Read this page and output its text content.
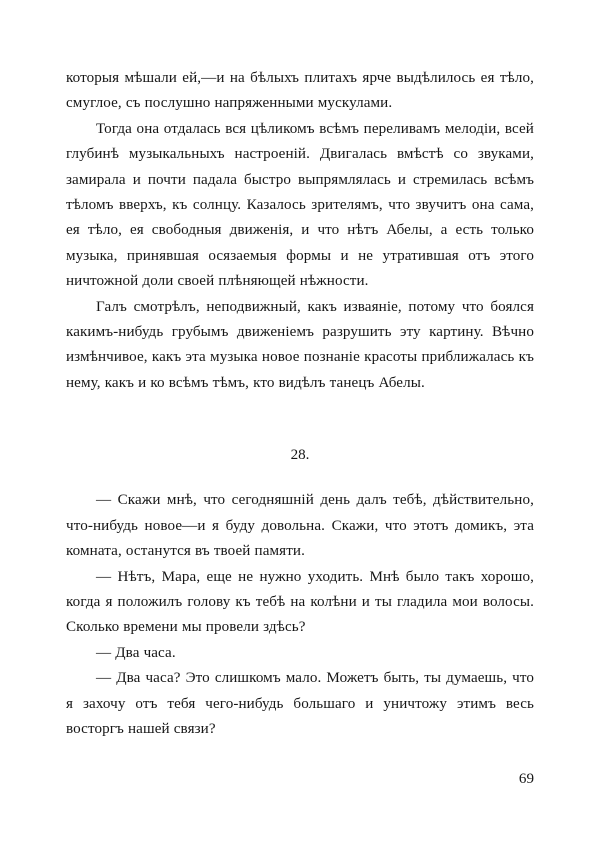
которыя мѣшали ей,—и на бѣлыхъ плитахъ ярче выдѣлилось ея тѣло, смуглое, съ послушно напряженными мускулами.

Тогда она отдалась вся цѣликомъ всѣмъ переливамъ мелодіи, всей глубинѣ музыкальныхъ настроеній. Двигалась вмѣстѣ со звуками, замирала и почти падала быстро выпрямлялась и стремилась всѣмъ тѣломъ вверхъ, къ солнцу. Казалось зрителямъ, что звучитъ она сама, ея тѣло, ея свободныя движенія, и что нѣтъ Абелы, а есть только музыка, принявшая осязаемыя формы и не утратившая отъ этого ничтожной доли своей плѣняющей нѣжности.

Галъ смотрѣлъ, неподвижный, какъ изваяніе, потому что боялся какимъ-нибудь грубымъ движеніемъ разрушить эту картину. Вѣчно измѣнчивое, какъ эта музыка новое познаніе красоты приближалась къ нему, какъ и ко всѣмъ тѣмъ, кто видѣлъ танецъ Абелы.

28.

— Скажи мнѣ, что сегодняшній день далъ тебѣ, дѣйствительно, что-нибудь новое—и я буду довольна. Скажи, что этотъ домикъ, эта комната, останутся въ твоей памяти.

— Нѣтъ, Мара, еще не нужно уходить. Мнѣ было такъ хорошо, когда я положилъ голову къ тебѣ на колѣни и ты гладила мои волосы. Сколько времени мы провели здѣсь?

— Два часа.

— Два часа? Это слишкомъ мало. Можетъ быть, ты думаешь, что я захочу отъ тебя чего-нибудь большаго и уничтожу этимъ весь восторгъ нашей связи?

69
